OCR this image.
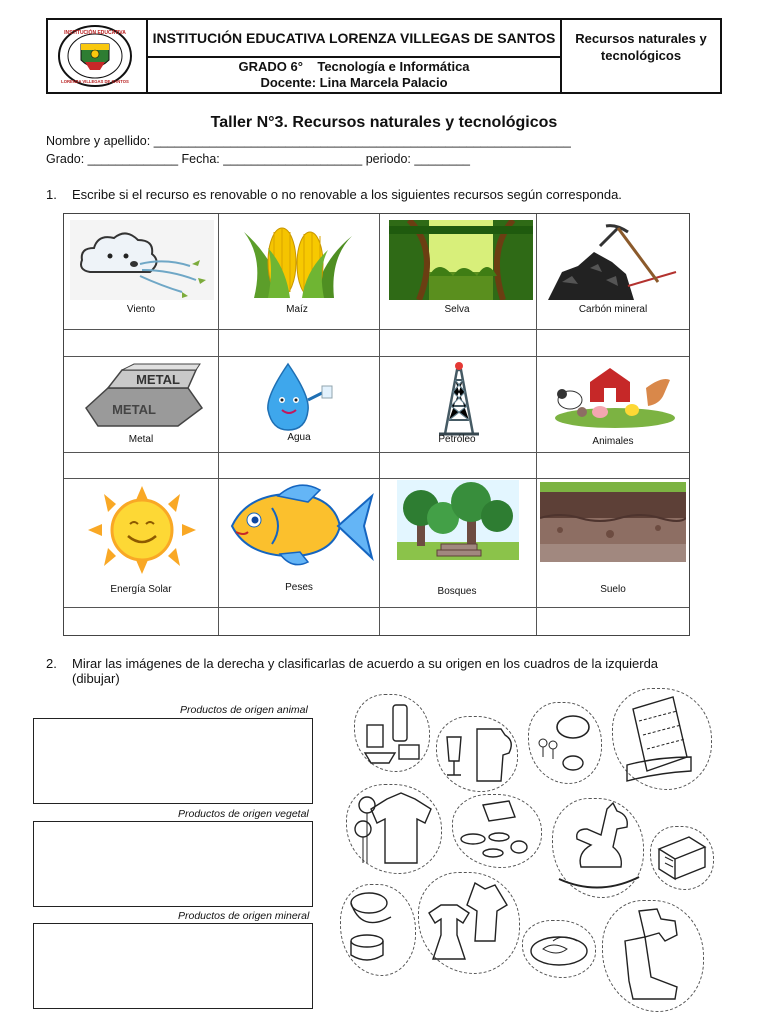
INSTITUCIÓN EDUCATIVA
LORENZA VILLEGAS DE SANTOS
INSTITUCIÓN EDUCATIVA LORENZA VILLEGAS DE SANTOS
GRADO 6°    Tecnología e Informática
Docente: Lina Marcela Palacio
Recursos naturales y tecnológicos
Taller N°3. Recursos naturales y tecnológicos
Nombre y apellido: ____________________________________________________________
Grado: _____________ Fecha: ____________________ periodo: ________
1. Escribe si el recurso es renovable o no renovable a los siguientes recursos según corresponda.
Viento	Maíz	Selva	Carbón mineral
METAL
METAL
Metal	Agua	Petróleo	Animales
Energía Solar	Peses	Bosques	Suelo
2. Mirar las imágenes de la derecha y clasificarlas de acuerdo a su origen en los cuadros de la izquierda
(dibujar)
Productos de origen animal
Productos de origen vegetal
Productos de origen mineral
